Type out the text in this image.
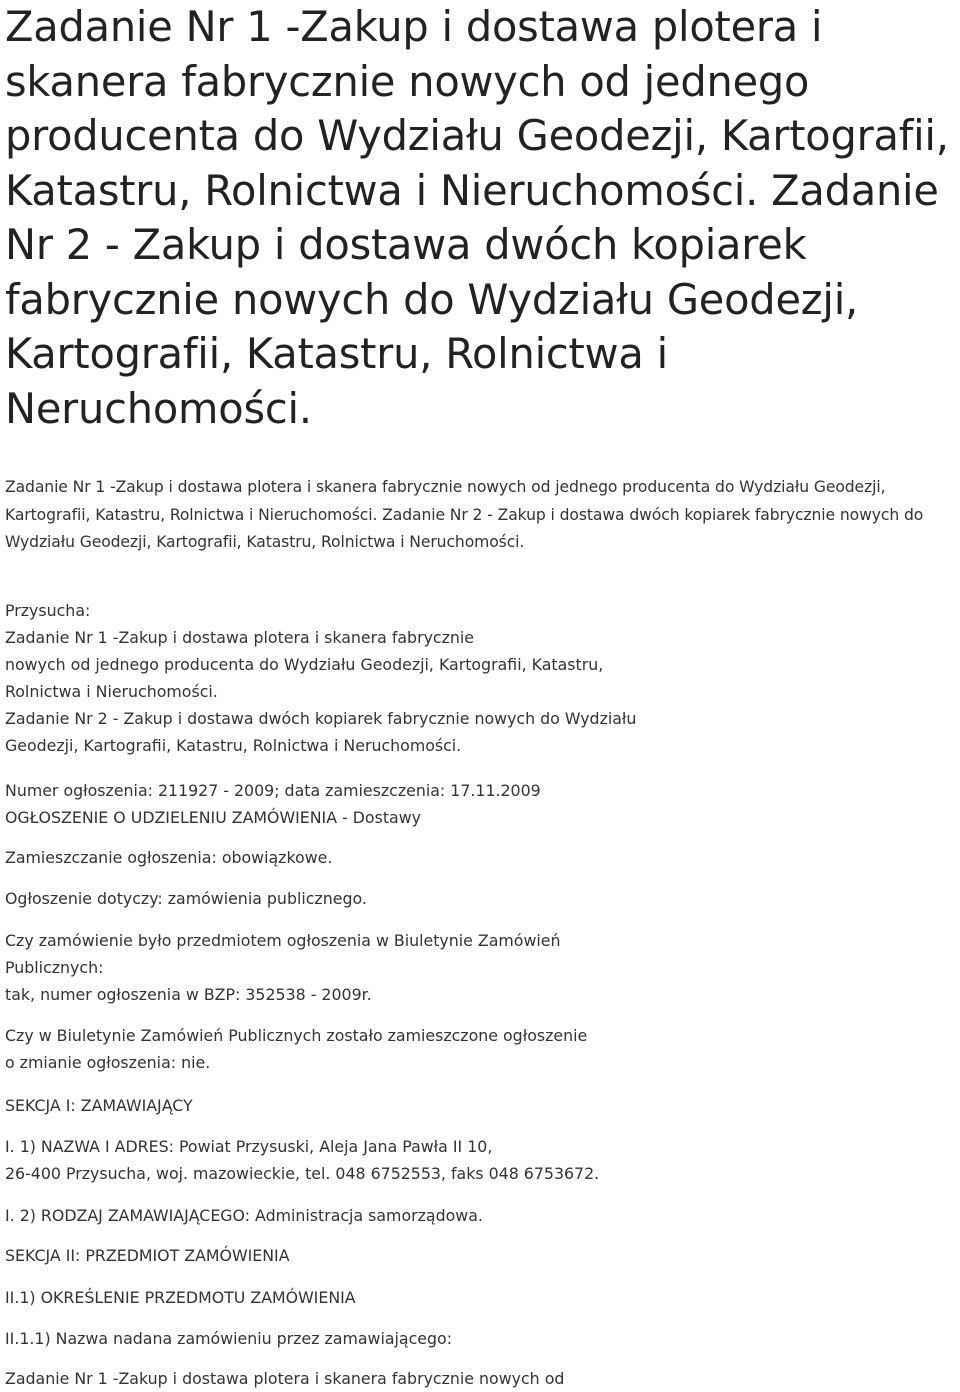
Zadanie Nr 1 -Zakup i dostawa plotera i skanera fabrycznie nowych od jednego producenta do Wydziału Geodezji, Kartografii, Katastru, Rolnictwa i Nieruchomości. Zadanie Nr 2 - Zakup i dostawa dwóch kopiarek fabrycznie nowych do Wydziału Geodezji, Kartografii, Katastru, Rolnictwa i Neruchomości.

Zadanie Nr 1 -Zakup i dostawa plotera i skanera fabrycznie nowych od jednego producenta do Wydziału Geodezji, Kartografii, Katastru, Rolnictwa i Nieruchomości. Zadanie Nr 2 - Zakup i dostawa dwóch kopiarek fabrycznie nowych do Wydziału Geodezji, Kartografii, Katastru, Rolnictwa i Neruchomości.

Przysucha:
Zadanie Nr 1 -Zakup i dostawa plotera i skanera fabrycznie
nowych od jednego producenta do Wydziału Geodezji, Kartografii, Katastru,
Rolnictwa i Nieruchomości.
Zadanie Nr 2 - Zakup i dostawa dwóch kopiarek fabrycznie nowych do Wydziału
Geodezji, Kartografii, Katastru, Rolnictwa i Neruchomości.
Numer ogłoszenia: 211927 - 2009; data zamieszczenia: 17.11.2009
OGŁOSZENIE O UDZIELENIU ZAMÓWIENIA - Dostawy
Zamieszczanie ogłoszenia: obowiązkowe.
Ogłoszenie dotyczy: zamówienia publicznego.
Czy zamówienie było przedmiotem ogłoszenia w Biuletynie Zamówień
Publicznych:
tak, numer ogłoszenia w BZP: 352538 - 2009r.
Czy w Biuletynie Zamówień Publicznych zostało zamieszczone ogłoszenie
o zmianie ogłoszenia: nie.
SEKCJA I: ZAMAWIAJĄCY
I. 1) NAZWA I ADRES: Powiat Przysuski, Aleja Jana Pawła II 10,
26-400 Przysucha, woj. mazowieckie, tel. 048 6752553, faks 048 6753672.
I. 2) RODZAJ ZAMAWIAJĄCEGO: Administracja samorządowa.
SEKCJA II: PRZEDMIOT ZAMÓWIENIA
II.1) OKREŚLENIE PRZEDMOTU ZAMÓWIENIA
II.1.1) Nazwa nadana zamówieniu przez zamawiającego:
Zadanie Nr 1 -Zakup i dostawa plotera i skanera fabrycznie nowych od
